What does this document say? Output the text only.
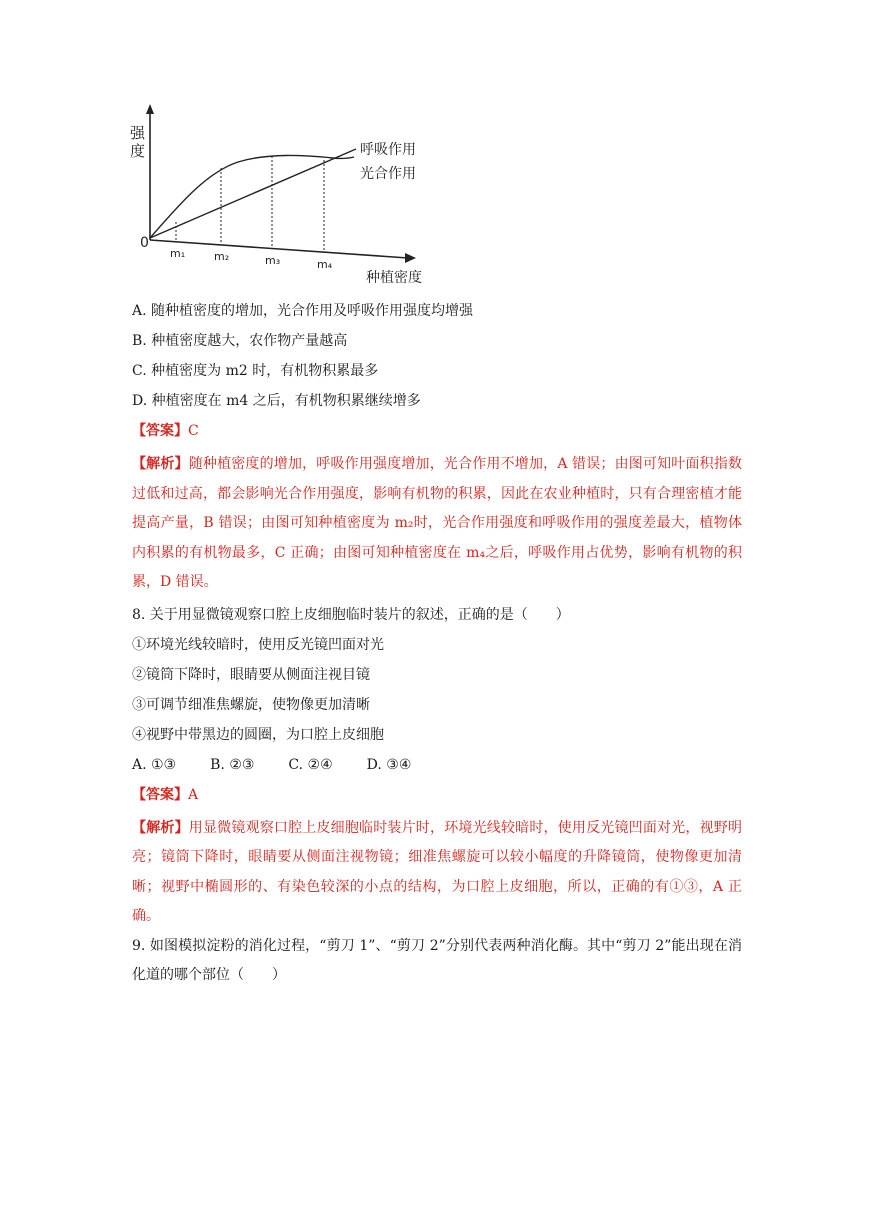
强
度
0
m₁	m₂	m₃	m₄
种植密度
呼吸作用
光合作用

A. 随种植密度的增加，光合作用及呼吸作用强度均增强

B. 种植密度越大，农作物产量越高

C. 种植密度为 m2 时，有机物积累最多

D. 种植密度在 m4 之后，有机物积累继续增多

【答案】C

【解析】随种植密度的增加，呼吸作用强度增加，光合作用不增加，A 错误；由图可知叶面积指数过低和过高，都会影响光合作用强度，影响有机物的积累，因此在农业种植时，只有合理密植才能提高产量，B 错误；由图可知种植密度为 m₂时，光合作用强度和呼吸作用的强度差最大，植物体内积累的有机物最多，C 正确；由图可知种植密度在 m₄之后，呼吸作用占优势，影响有机物的积累，D 错误。

8. 关于用显微镜观察口腔上皮细胞临时装片的叙述，正确的是（　　）

①环境光线较暗时，使用反光镜凹面对光

②镜筒下降时，眼睛要从侧面注视目镜

③可调节细准焦螺旋，使物像更加清晰

④视野中带黑边的圆圈，为口腔上皮细胞

A. ①③ B. ②③ C. ②④ D. ③④

【答案】A

【解析】用显微镜观察口腔上皮细胞临时装片时，环境光线较暗时，使用反光镜凹面对光，视野明亮；镜筒下降时，眼睛要从侧面注视物镜；细准焦螺旋可以较小幅度的升降镜筒，使物像更加清晰；视野中椭圆形的、有染色较深的小点的结构，为口腔上皮细胞，所以，正确的有①③，A 正确。

9. 如图模拟淀粉的消化过程，“剪刀 1”、“剪刀 2”分别代表两种消化酶。其中“剪刀 2”能出现在消化道的哪个部位（　　）
